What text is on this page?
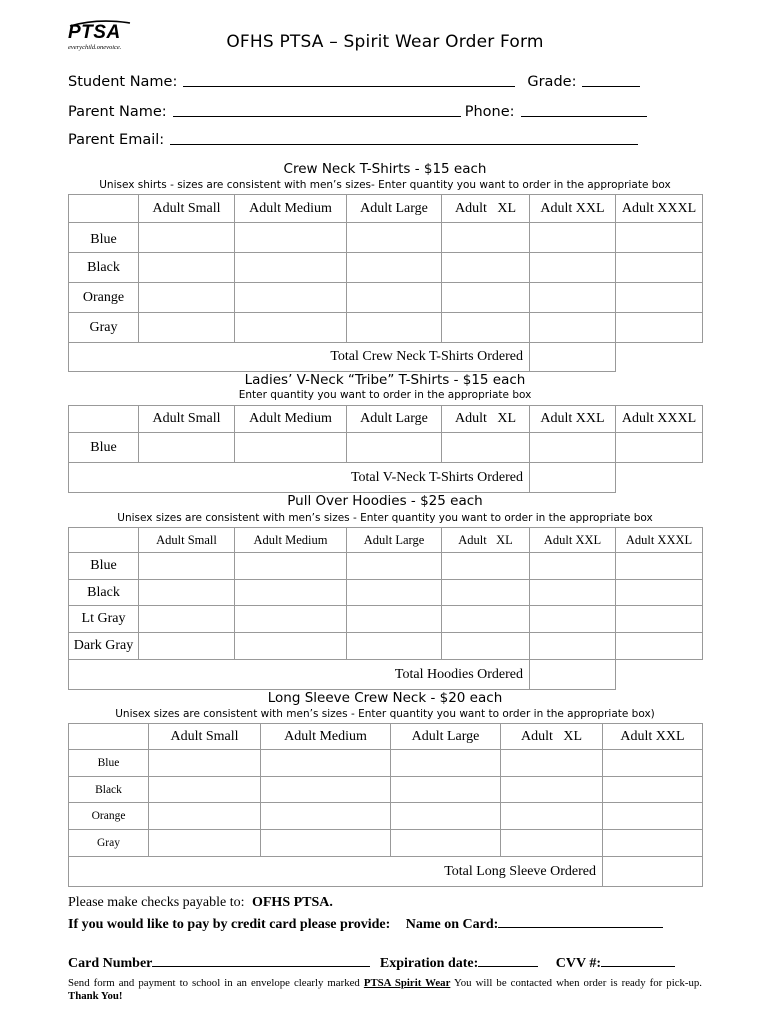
PTSA
everychild.onevoice.	OFHS PTSA – Spirit Wear Order Form
Student Name:	Grade:
Parent Name:	Phone:
Parent Email:
Crew Neck T-Shirts - $15 each
Unisex shirts - sizes are consistent with men’s sizes- Enter quantity you want to order in the appropriate box
	Adult Small	Adult Medium	Adult Large	Adult   XL	Adult XXL	Adult XXXL
Blue						
Black						
Orange						
Gray						
Total Crew Neck T-Shirts Ordered						
Ladies’ V-Neck “Tribe” T-Shirts - $15 each
Enter quantity you want to order in the appropriate box
	Adult Small	Adult Medium	Adult Large	Adult   XL	Adult XXL	Adult XXXL
Blue						
Total V-Neck T-Shirts Ordered						
Pull Over Hoodies - $25 each
Unisex sizes are consistent with men’s sizes - Enter quantity you want to order in the appropriate box
	Adult Small	Adult Medium	Adult Large	Adult   XL	Adult XXL	Adult XXXL
Blue						
Black						
Lt Gray						
Dark Gray						
Total Hoodies Ordered						
Long Sleeve Crew Neck - $20 each
Unisex sizes are consistent with men’s sizes - Enter quantity you want to order in the appropriate box)
	Adult Small	Adult Medium	Adult Large	Adult   XL	Adult XXL
Blue					
Black					
Orange					
Gray					
Total Long Sleeve Ordered					
Please make checks payable to: OFHS PTSA.
If you would like to pay by credit card please provide: Name on Card:
Card Number	Expiration date:	CVV #:
Send form and payment to school in an envelope clearly marked PTSA Spirit Wear You will be contacted when order is ready for pick-up. Thank You!
